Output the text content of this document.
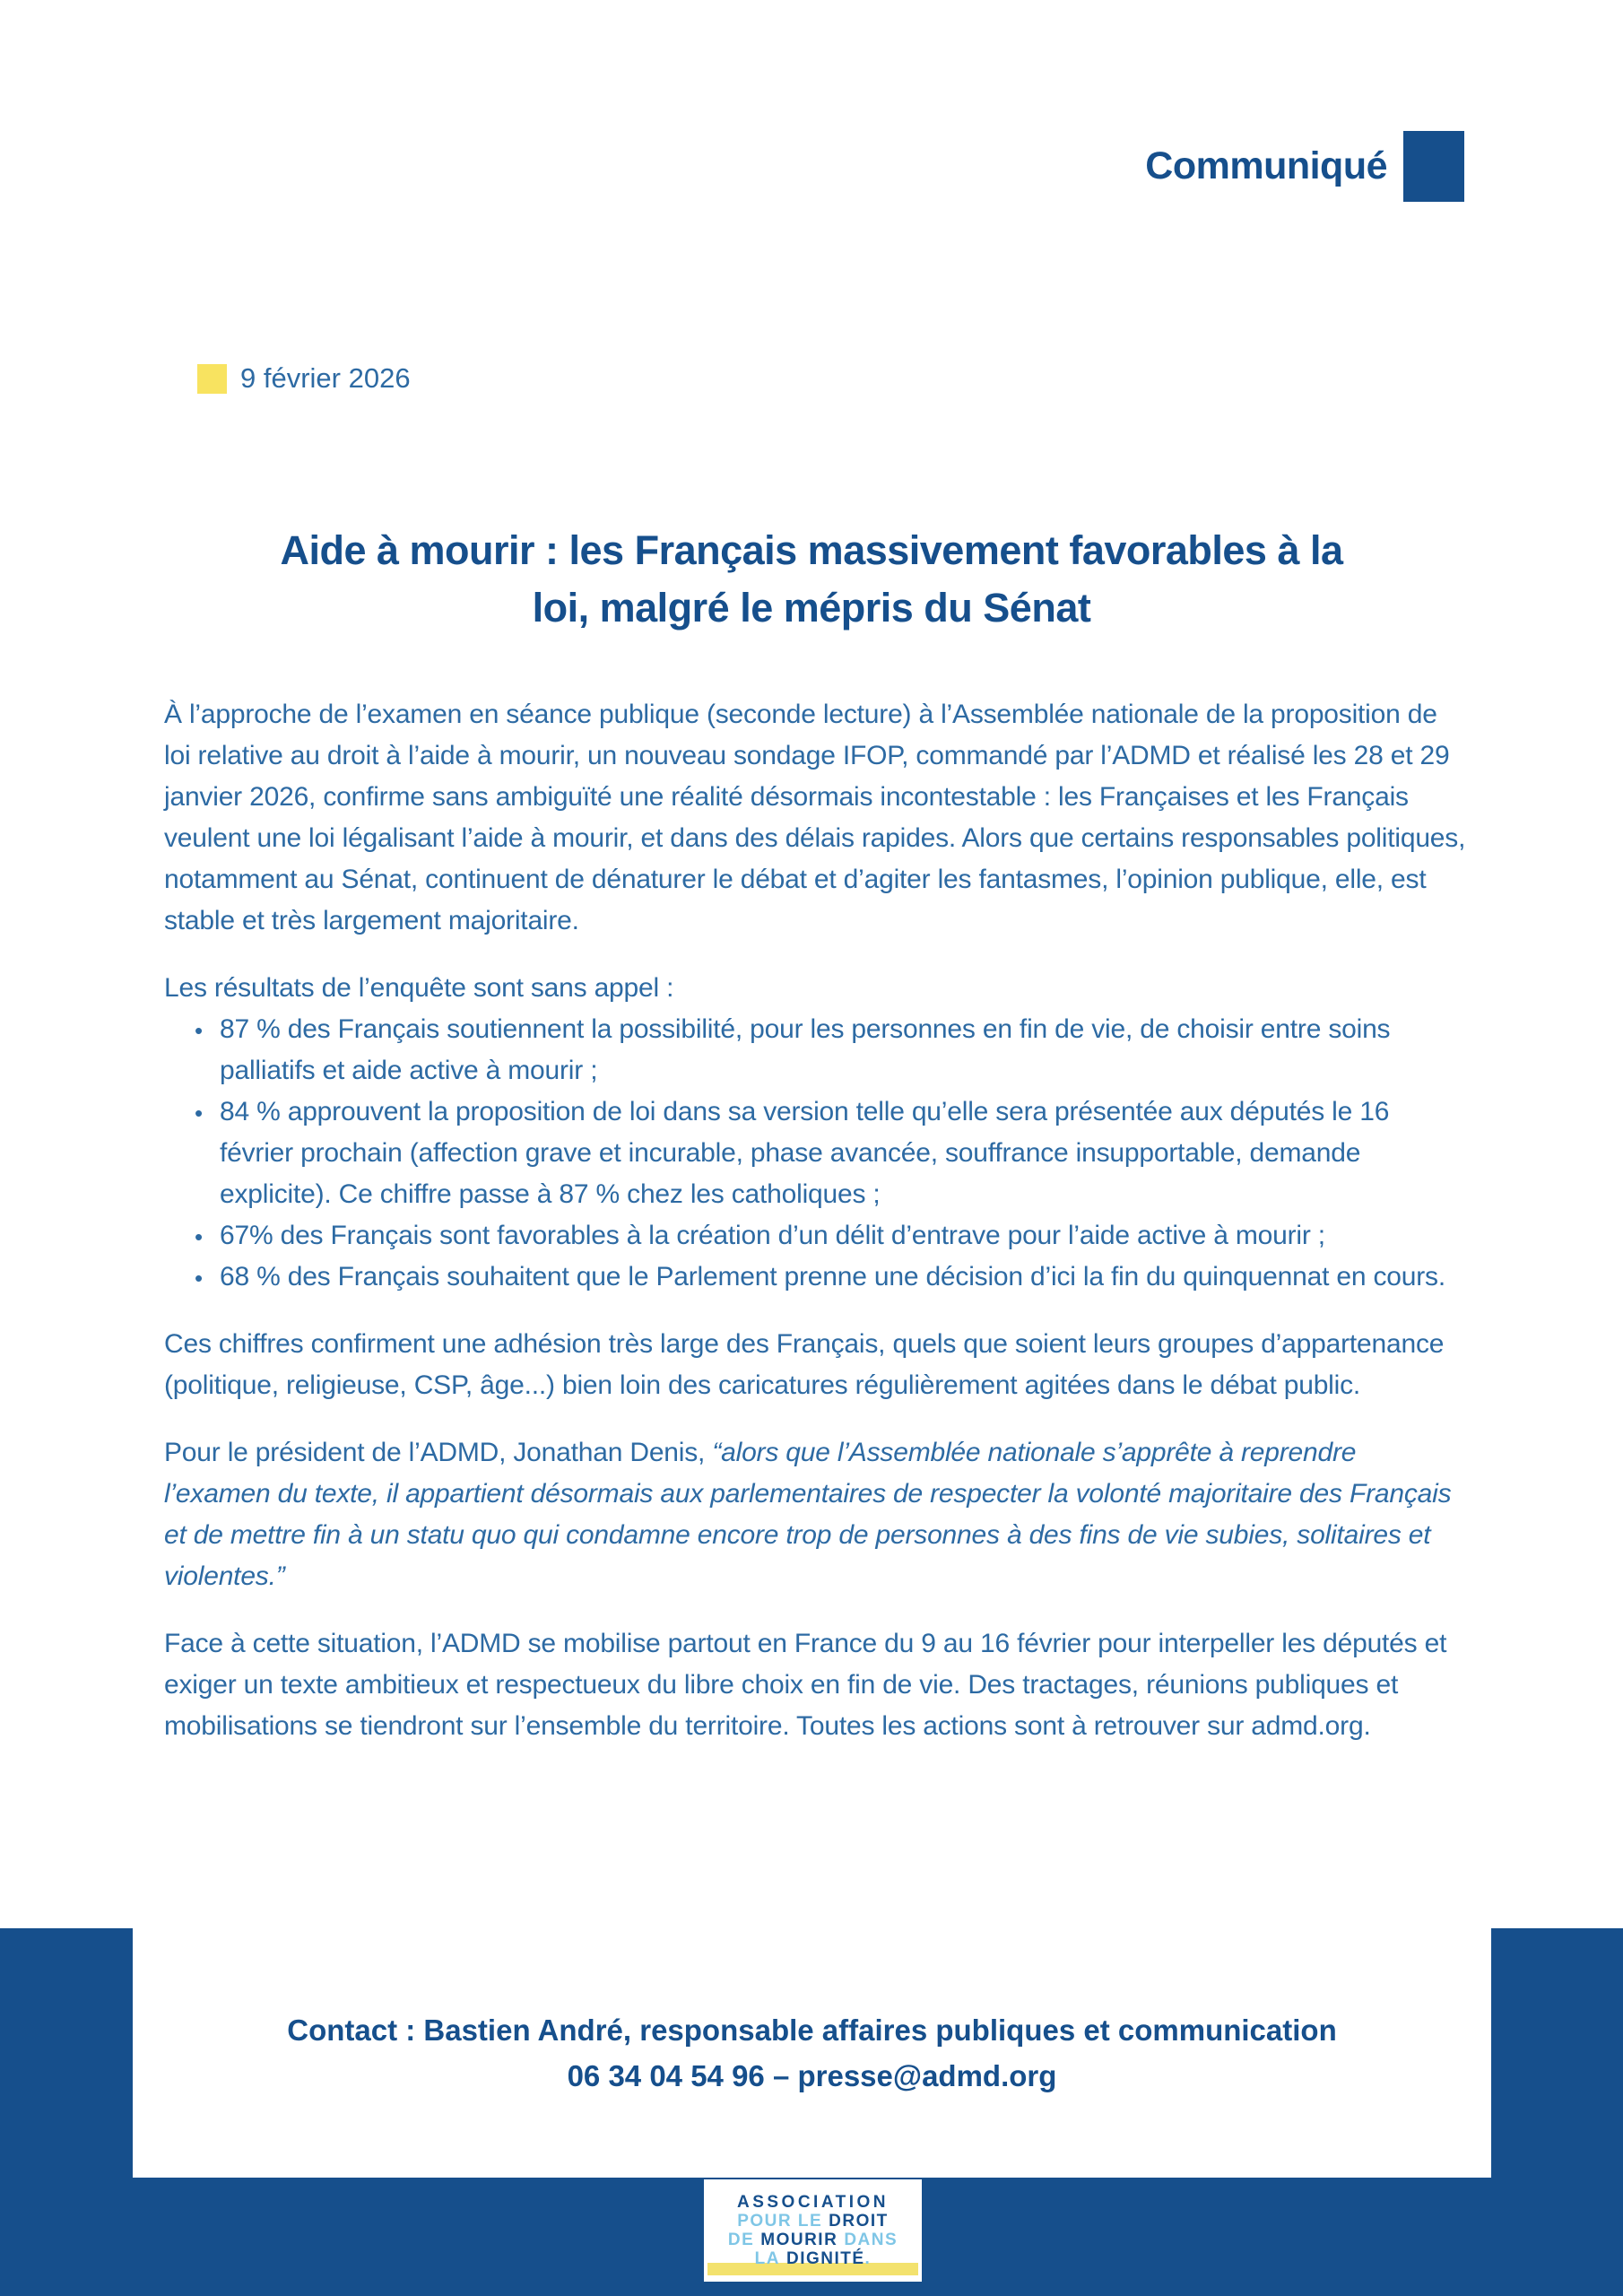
Communiqué
9 février 2026
Aide à mourir : les Français massivement favorables à la
loi, malgré le mépris du Sénat

À l’approche de l’examen en séance publique (seconde lecture) à l’Assemblée nationale de la proposition de loi relative au droit à l’aide à mourir, un nouveau sondage IFOP, commandé par l’ADMD et réalisé les 28 et 29 janvier 2026, confirme sans ambiguïté une réalité désormais incontestable : les Françaises et les Français veulent une loi légalisant l’aide à mourir, et dans des délais rapides. Alors que certains responsables politiques, notamment au Sénat, continuent de dénaturer le débat et d’agiter les fantasmes, l’opinion publique, elle, est stable et très largement majoritaire.

Les résultats de l’enquête sont sans appel :

• 87 % des Français soutiennent la possibilité, pour les personnes en fin de vie, de choisir entre soins palliatifs et aide active à mourir ;
• 84 % approuvent la proposition de loi dans sa version telle qu’elle sera présentée aux députés le 16 février prochain (affection grave et incurable, phase avancée, souffrance insupportable, demande explicite). Ce chiffre passe à 87 % chez les catholiques ;
• 67% des Français sont favorables à la création d’un délit d’entrave pour l’aide active à mourir ;
• 68 % des Français souhaitent que le Parlement prenne une décision d’ici la fin du quinquennat en cours.

Ces chiffres confirment une adhésion très large des Français, quels que soient leurs groupes d’appartenance (politique, religieuse, CSP, âge...) bien loin des caricatures régulièrement agitées dans le débat public.

Pour le président de l’ADMD, Jonathan Denis, “alors que l’Assemblée nationale s’apprête à reprendre l’examen du texte, il appartient désormais aux parlementaires de respecter la volonté majoritaire des Français et de mettre fin à un statu quo qui condamne encore trop de personnes à des fins de vie subies, solitaires et violentes.”

Face à cette situation, l’ADMD se mobilise partout en France du 9 au 16 février pour interpeller les députés et exiger un texte ambitieux et respectueux du libre choix en fin de vie. Des tractages, réunions publiques et mobilisations se tiendront sur l’ensemble du territoire. Toutes les actions sont à retrouver sur admd.org.

Contact : Bastien André, responsable affaires publiques et communication
06 34 04 54 96 – presse@admd.org
ASSOCIATION
POUR LE DROIT
DE MOURIR DANS
LA DIGNITÉ.
